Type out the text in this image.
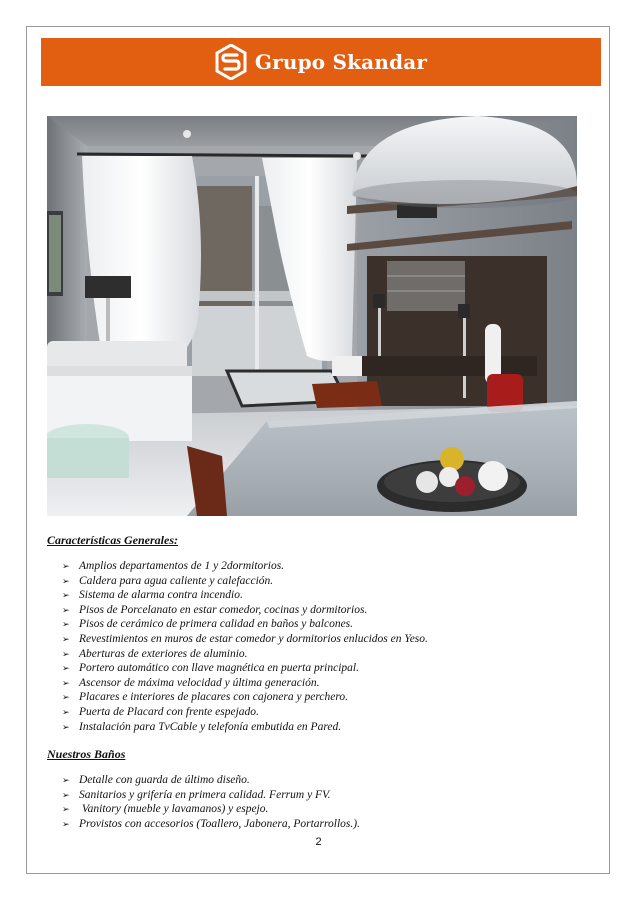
Grupo Skandar
Características Generales:
➢ Amplios departamentos de 1 y 2dormitorios.
➢ Caldera para agua caliente y calefacción.
➢ Sistema de alarma contra incendio.
➢ Pisos de Porcelanato en estar comedor, cocinas y dormitorios.
➢ Pisos de cerámico de primera calidad en baños y balcones.
➢ Revestimientos en muros de estar comedor y dormitorios enlucidos en Yeso.
➢ Aberturas de exteriores de aluminio.
➢ Portero automático con llave magnética en puerta principal.
➢ Ascensor de máxima velocidad y última generación.
➢ Placares e interiores de placares con cajonera y perchero.
➢ Puerta de Placard con frente espejado.
➢ Instalación para TvCable y telefonía embutida en Pared.
Nuestros Baños
➢ Detalle con guarda de último diseño.
➢ Sanitarios y grifería en primera calidad. Ferrum y FV.
➢ Vanitory (mueble y lavamanos) y espejo.
➢ Provistos con accesorios (Toallero, Jabonera, Portarrollos.).
2
